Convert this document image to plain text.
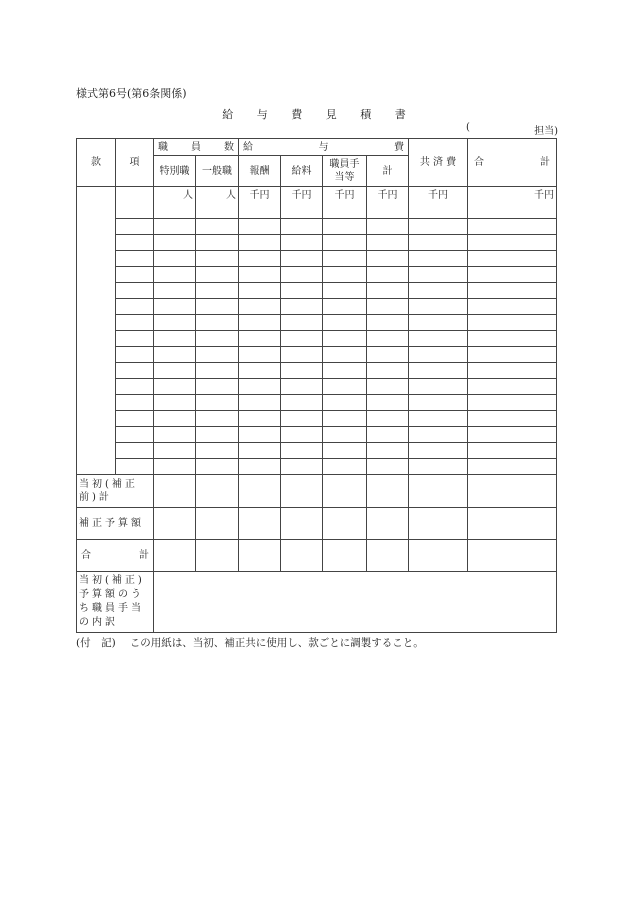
様式第6号(第6条関係)
給 与 費 見 積 書
(	担当)
款	項	職 員 数		給 与 費				共 済 費	合 計

		特別職	一般職	報酬	給料	職員手当等	計		
		人	人	千円	千円	千円	千円	千円	千円

当初(補正前)計									
補正予算額									

合 計									

当初(補正)予算額のうち職員手当の内訳									
(付　記) この用紙は、当初、補正共に使用し、款ごとに調製すること。
